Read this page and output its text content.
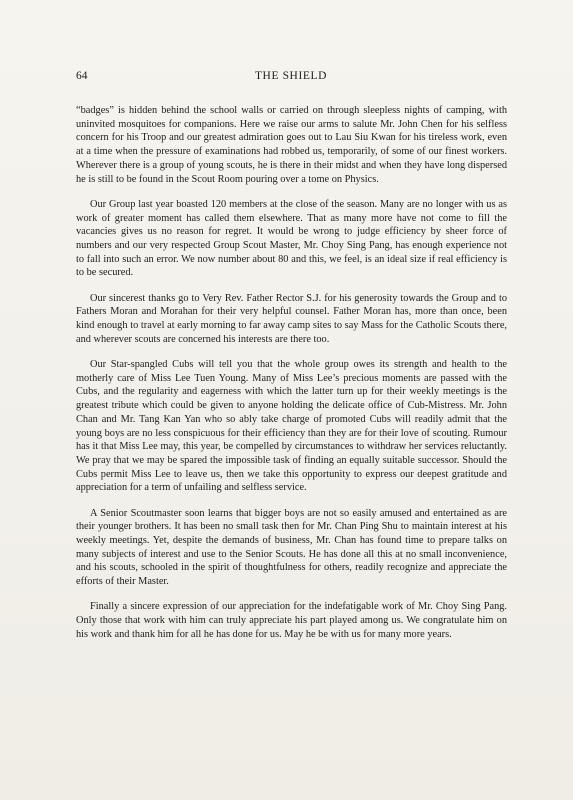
64	THE SHIELD

“badges” is hidden behind the school walls or carried on through sleepless nights of camping, with uninvited mosquitoes for companions. Here we raise our arms to salute Mr. John Chen for his selfless concern for his Troop and our greatest admiration goes out to Lau Siu Kwan for his tireless work, even at a time when the pressure of examinations had robbed us, temporarily, of some of our finest workers. Wherever there is a group of young scouts, he is there in their midst and when they have long dispersed he is still to be found in the Scout Room pouring over a tome on Physics.

Our Group last year boasted 120 members at the close of the season. Many are no longer with us as work of greater moment has called them elsewhere. That as many more have not come to fill the vacancies gives us no reason for regret. It would be wrong to judge efficiency by sheer force of numbers and our very respected Group Scout Master, Mr. Choy Sing Pang, has enough experience not to fall into such an error. We now number about 80 and this, we feel, is an ideal size if real efficiency is to be secured.

Our sincerest thanks go to Very Rev. Father Rector S.J. for his generosity towards the Group and to Fathers Moran and Morahan for their very helpful counsel. Father Moran has, more than once, been kind enough to travel at early morning to far away camp sites to say Mass for the Catholic Scouts there, and wherever scouts are concerned his interests are there too.

Our Star-spangled Cubs will tell you that the whole group owes its strength and health to the motherly care of Miss Lee Tuen Young. Many of Miss Lee’s precious moments are passed with the Cubs, and the regularity and eagerness with which the latter turn up for their weekly meetings is the greatest tribute which could be given to anyone holding the delicate office of Cub-Mistress. Mr. John Chan and Mr. Tang Kan Yan who so ably take charge of promoted Cubs will readily admit that the young boys are no less conspicuous for their efficiency than they are for their love of scouting. Rumour has it that Miss Lee may, this year, be compelled by circumstances to withdraw her services reluctantly. We pray that we may be spared the impossible task of finding an equally suitable successor. Should the Cubs permit Miss Lee to leave us, then we take this opportunity to express our deepest gratitude and appreciation for a term of unfailing and selfless service.

A Senior Scoutmaster soon learns that bigger boys are not so easily amused and entertained as are their younger brothers. It has been no small task then for Mr. Chan Ping Shu to maintain interest at his weekly meetings. Yet, despite the demands of business, Mr. Chan has found time to prepare talks on many subjects of interest and use to the Senior Scouts. He has done all this at no small inconvenience, and his scouts, schooled in the spirit of thoughtfulness for others, readily recognize and appreciate the efforts of their Master.

Finally a sincere expression of our appreciation for the indefatigable work of Mr. Choy Sing Pang. Only those that work with him can truly appreciate his part played among us. We congratulate him on his work and thank him for all he has done for us. May he be with us for many more years.
